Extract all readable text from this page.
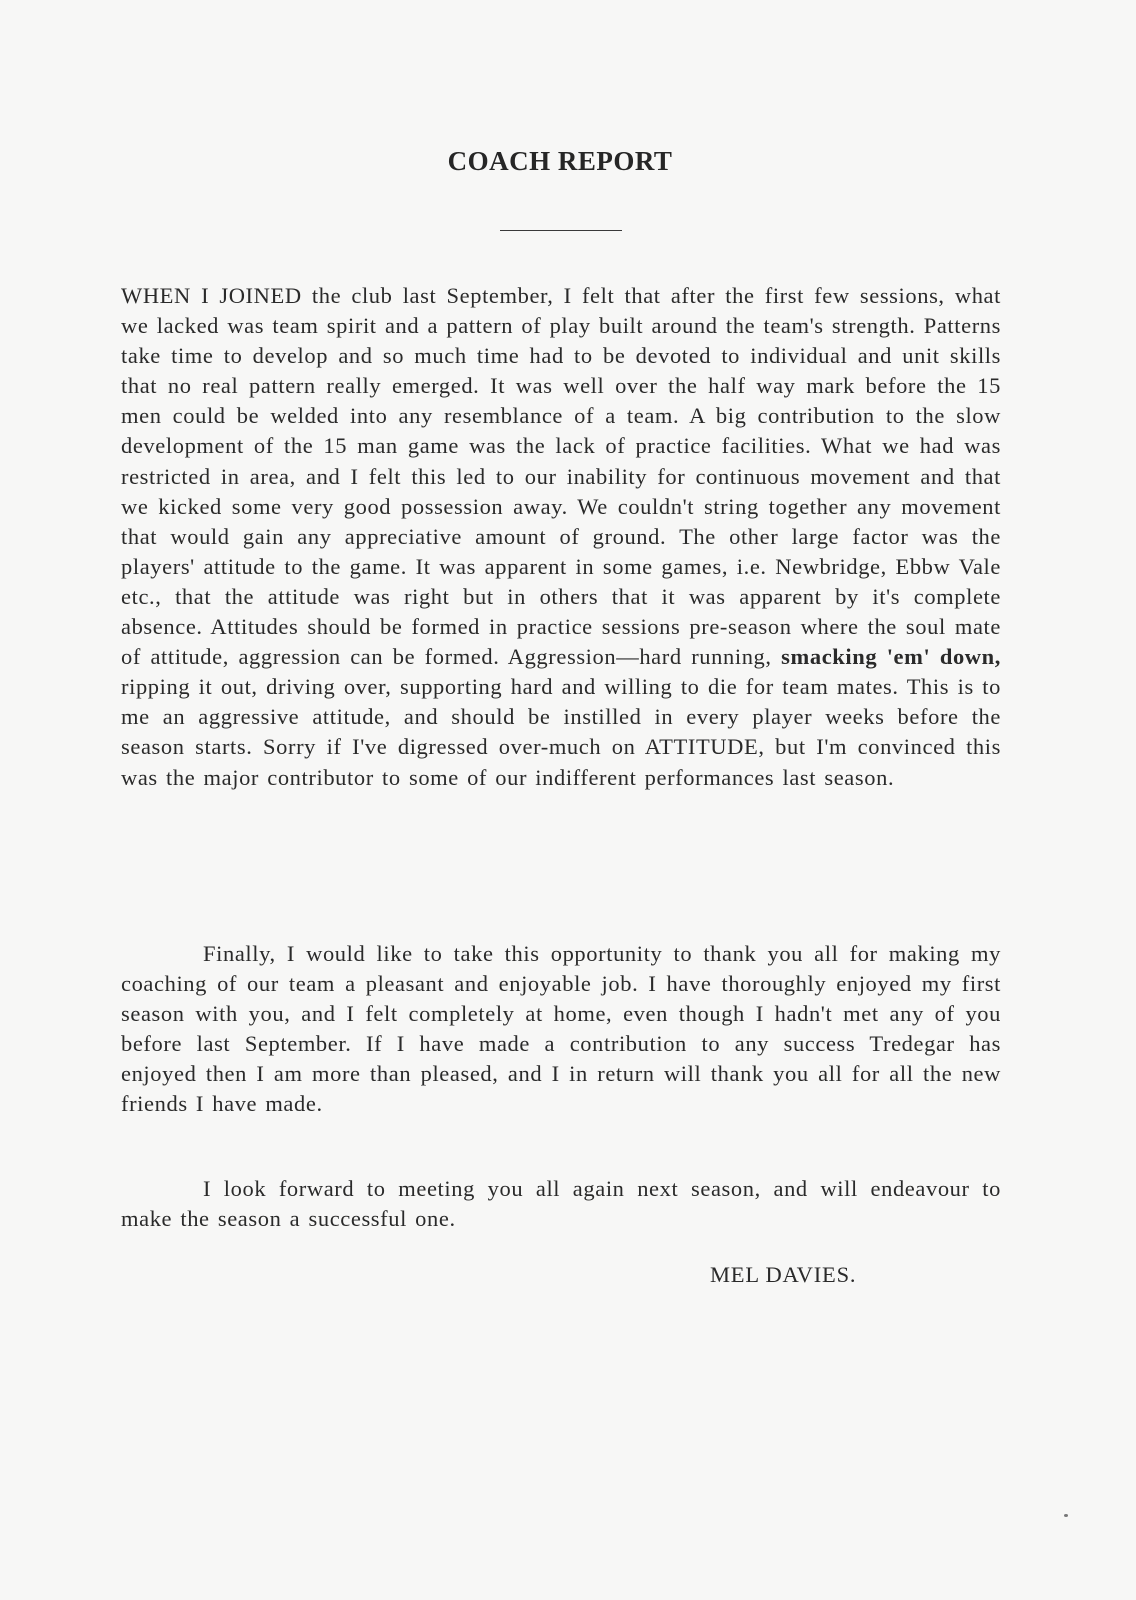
COACH REPORT

WHEN I JOINED the club last September, I felt that after the first few sessions, what we lacked was team spirit and a pattern of play built around the team's strength. Patterns take time to develop and so much time had to be devoted to individual and unit skills that no real pattern really emerged. It was well over the half way mark before the 15 men could be welded into any resemblance of a team. A big contribution to the slow development of the 15 man game was the lack of practice facilities. What we had was restricted in area, and I felt this led to our inability for continuous movement and that we kicked some very good possession away. We couldn't string together any movement that would gain any appreciative amount of ground. The other large factor was the players' attitude to the game. It was apparent in some games, i.e. Newbridge, Ebbw Vale etc., that the attitude was right but in others that it was apparent by it's complete absence. Attitudes should be formed in practice sessions pre-season where the soul mate of attitude, aggression can be formed. Aggression—hard running, smacking 'em' down, ripping it out, driving over, supporting hard and willing to die for team mates. This is to me an aggressive attitude, and should be instilled in every player weeks before the season starts. Sorry if I've digressed over-much on ATTITUDE, but I'm convinced this was the major contributor to some of our indifferent performances last season.

Finally, I would like to take this opportunity to thank you all for making my coaching of our team a pleasant and enjoyable job. I have thoroughly enjoyed my first season with you, and I felt completely at home, even though I hadn't met any of you before last September. If I have made a contribution to any success Tredegar has enjoyed then I am more than pleased, and I in return will thank you all for all the new friends I have made.

I look forward to meeting you all again next season, and will endeavour to make the season a successful one.

MEL DAVIES.
